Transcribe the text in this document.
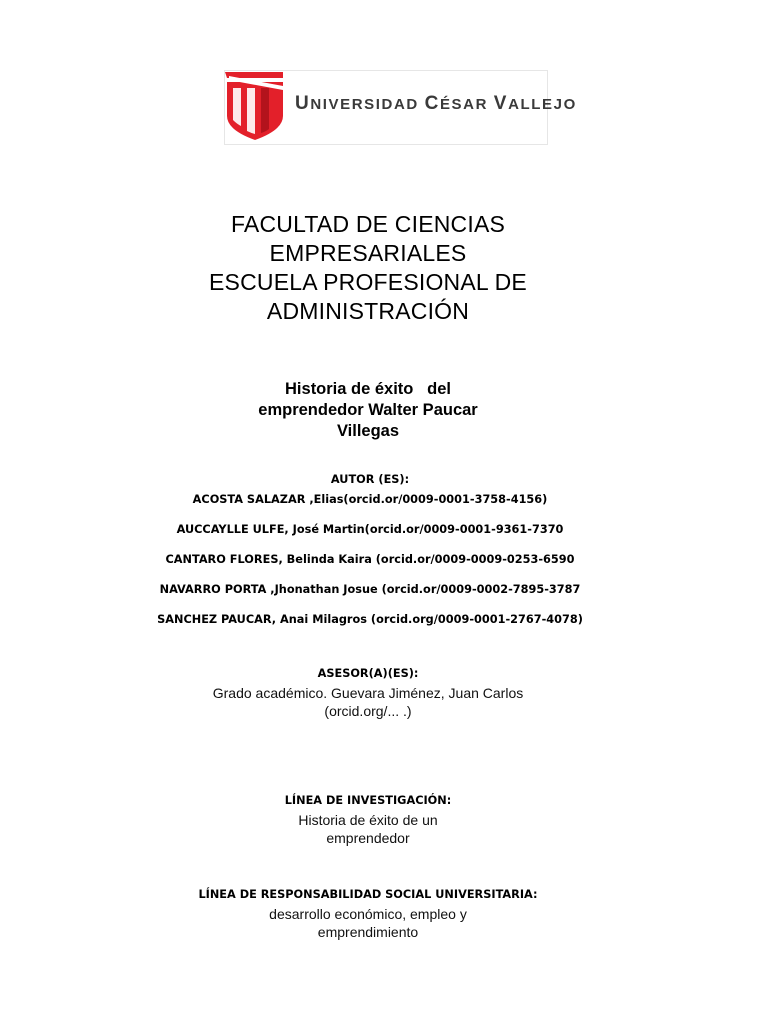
UNIVERSIDAD CÉSAR VALLEJO
FACULTAD DE CIENCIAS
EMPRESARIALES
ESCUELA PROFESIONAL DE
ADMINISTRACIÓN
Historia de éxito   del
emprendedor Walter Paucar
Villegas
AUTOR (ES):
ACOSTA SALAZAR ,Elias(orcid.or/0009-0001-3758-4156)
AUCCAYLLE ULFE, José Martin(orcid.or/0009-0001-9361-7370
CANTARO FLORES, Belinda Kaira (orcid.or/0009-0009-0253-6590
NAVARRO PORTA ,Jhonathan Josue (orcid.or/0009-0002-7895-3787
SANCHEZ PAUCAR, Anai Milagros (orcid.org/0009-0001-2767-4078)
ASESOR(A)(ES):
Grado académico. Guevara Jiménez, Juan Carlos
(orcid.org/... .)
LÍNEA DE INVESTIGACIÓN:
Historia de éxito de un
emprendedor
LÍNEA DE RESPONSABILIDAD SOCIAL UNIVERSITARIA:
desarrollo económico, empleo y
emprendimiento
